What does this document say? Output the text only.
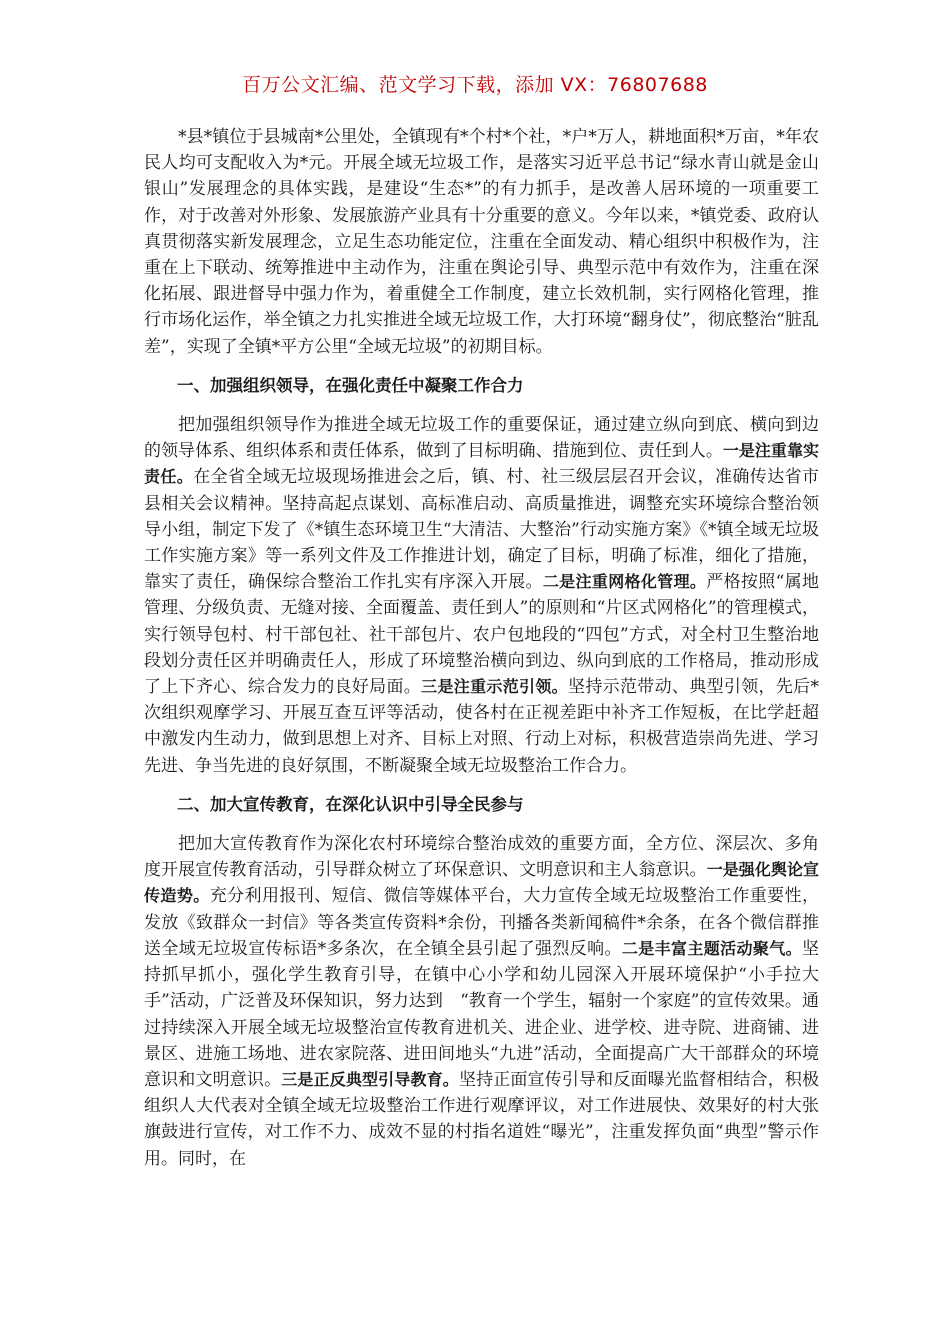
百万公文汇编、范文学习下载，添加 VX：76807688

*县*镇位于县城南*公里处，全镇现有*个村*个社，*户*万人，耕地面积*万亩，*年农民人均可支配收入为*元。开展全域无垃圾工作，是落实习近平总书记“绿水青山就是金山银山”发展理念的具体实践，是建设“生态*”的有力抓手，是改善人居环境的一项重要工作，对于改善对外形象、发展旅游产业具有十分重要的意义。今年以来，*镇党委、政府认真贯彻落实新发展理念，立足生态功能定位，注重在全面发动、精心组织中积极作为，注重在上下联动、统筹推进中主动作为，注重在舆论引导、典型示范中有效作为，注重在深化拓展、跟进督导中强力作为，着重健全工作制度，建立长效机制，实行网格化管理，推行市场化运作，举全镇之力扎实推进全域无垃圾工作，大打环境“翻身仗”，彻底整治“脏乱差”，实现了全镇*平方公里“全域无垃圾”的初期目标。

一、加强组织领导，在强化责任中凝聚工作合力

把加强组织领导作为推进全域无垃圾工作的重要保证，通过建立纵向到底、横向到边的领导体系、组织体系和责任体系，做到了目标明确、措施到位、责任到人。一是注重靠实责任。在全省全域无垃圾现场推进会之后，镇、村、社三级层层召开会议，准确传达省市县相关会议精神。坚持高起点谋划、高标准启动、高质量推进，调整充实环境综合整治领导小组，制定下发了《*镇生态环境卫生“大清洁、大整治”行动实施方案》《*镇全域无垃圾工作实施方案》等一系列文件及工作推进计划，确定了目标，明确了标准，细化了措施，靠实了责任，确保综合整治工作扎实有序深入开展。二是注重网格化管理。严格按照“属地管理、分级负责、无缝对接、全面覆盖、责任到人”的原则和“片区式网格化”的管理模式，实行领导包村、村干部包社、社干部包片、农户包地段的“四包”方式，对全村卫生整治地段划分责任区并明确责任人，形成了环境整治横向到边、纵向到底的工作格局，推动形成了上下齐心、综合发力的良好局面。三是注重示范引领。坚持示范带动、典型引领，先后*次组织观摩学习、开展互查互评等活动，使各村在正视差距中补齐工作短板，在比学赶超中激发内生动力，做到思想上对齐、目标上对照、行动上对标，积极营造崇尚先进、学习先进、争当先进的良好氛围，不断凝聚全域无垃圾整治工作合力。

二、加大宣传教育，在深化认识中引导全民参与

把加大宣传教育作为深化农村环境综合整治成效的重要方面，全方位、深层次、多角度开展宣传教育活动，引导群众树立了环保意识、文明意识和主人翁意识。一是强化舆论宣传造势。充分利用报刊、短信、微信等媒体平台，大力宣传全域无垃圾整治工作重要性，发放《致群众一封信》等各类宣传资料*余份，刊播各类新闻稿件*余条，在各个微信群推送全域无垃圾宣传标语*多条次，在全镇全县引起了强烈反响。二是丰富主题活动聚气。坚持抓早抓小，强化学生教育引导，在镇中心小学和幼儿园深入开展环境保护“小手拉大手”活动，广泛普及环保知识，努力达到　“教育一个学生，辐射一个家庭”的宣传效果。通过持续深入开展全域无垃圾整治宣传教育进机关、进企业、进学校、进寺院、进商铺、进景区、进施工场地、进农家院落、进田间地头“九进”活动，全面提高广大干部群众的环境意识和文明意识。三是正反典型引导教育。坚持正面宣传引导和反面曝光监督相结合，积极组织人大代表对全镇全域无垃圾整治工作进行观摩评议，对工作进展快、效果好的村大张旗鼓进行宣传，对工作不力、成效不显的村指名道姓“曝光”，注重发挥负面“典型”警示作用。同时，在
